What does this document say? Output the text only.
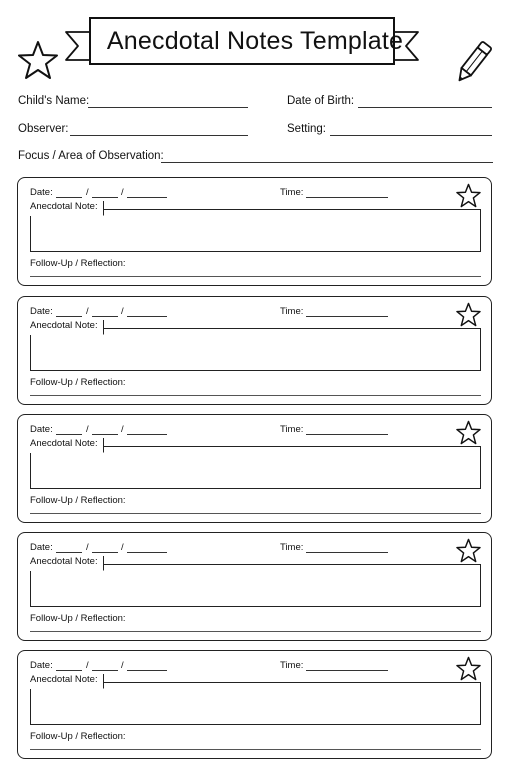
Anecdotal Notes Template
Child's Name:	Date of Birth:
Observer:	Setting:
Focus / Area of Observation:
Date:	/	/	Time:
Anecdotal Note:
Follow-Up / Reflection:
Date:	/	/	Time:
Anecdotal Note:
Follow-Up / Reflection:
Date:	/	/	Time:
Anecdotal Note:
Follow-Up / Reflection:
Date:	/	/	Time:
Anecdotal Note:
Follow-Up / Reflection:
Date:	/	/	Time:
Anecdotal Note:
Follow-Up / Reflection:
